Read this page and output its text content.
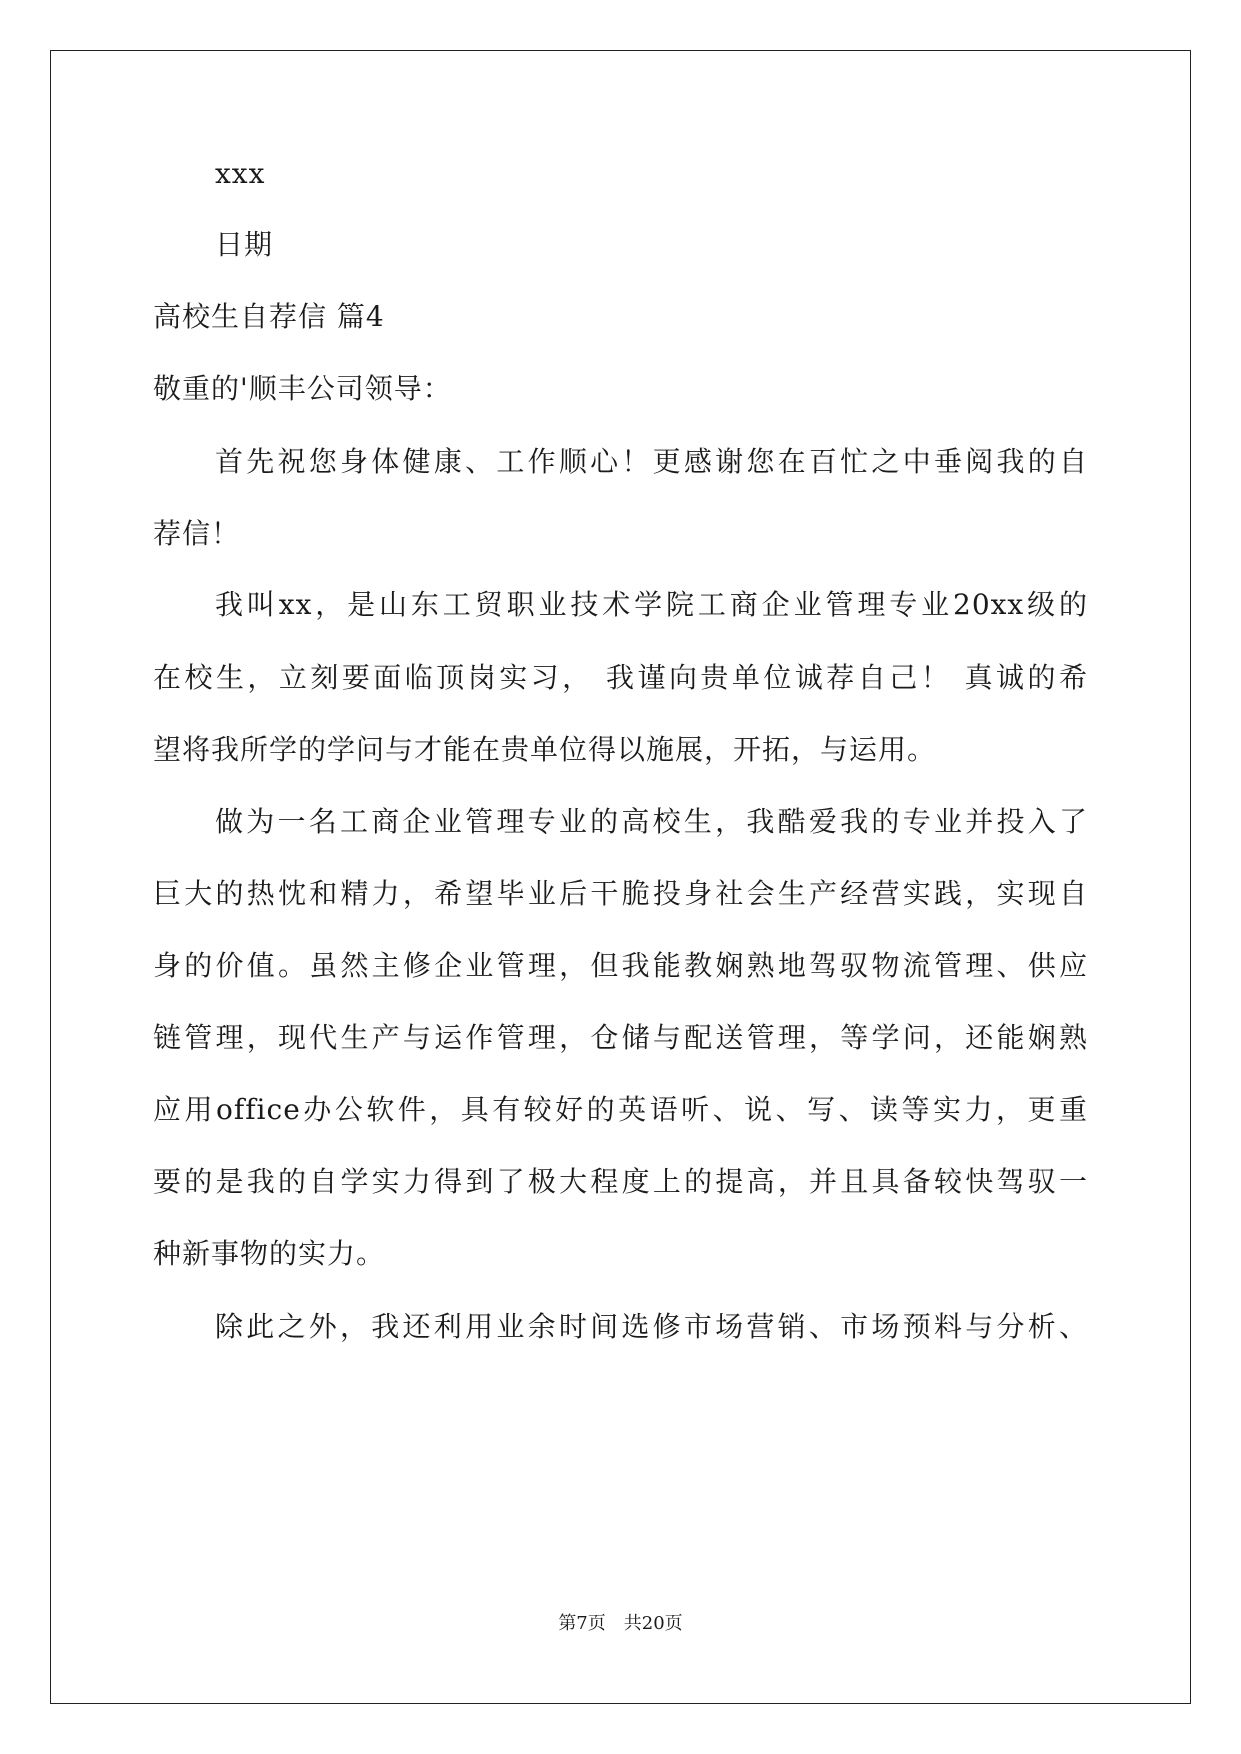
xxx
日期
高校生自荐信 篇4
敬重的'顺丰公司领导：
首先祝您身体健康、工作顺心！更感谢您在百忙之中垂阅我的自
荐信！
我叫xx，是山东工贸职业技术学院工商企业管理专业20xx级的
在校生，立刻要面临顶岗实习， 我谨向贵单位诚荐自己！ 真诚的希
望将我所学的学问与才能在贵单位得以施展，开拓，与运用。
做为一名工商企业管理专业的高校生，我酷爱我的专业并投入了
巨大的热忱和精力，希望毕业后干脆投身社会生产经营实践，实现自
身的价值。虽然主修企业管理，但我能教娴熟地驾驭物流管理、供应
链管理，现代生产与运作管理，仓储与配送管理，等学问，还能娴熟
应用office办公软件，具有较好的英语听、说、写、读等实力，更重
要的是我的自学实力得到了极大程度上的提高，并且具备较快驾驭一
种新事物的实力。
除此之外，我还利用业余时间选修市场营销、市场预料与分析、
第7页　共20页
